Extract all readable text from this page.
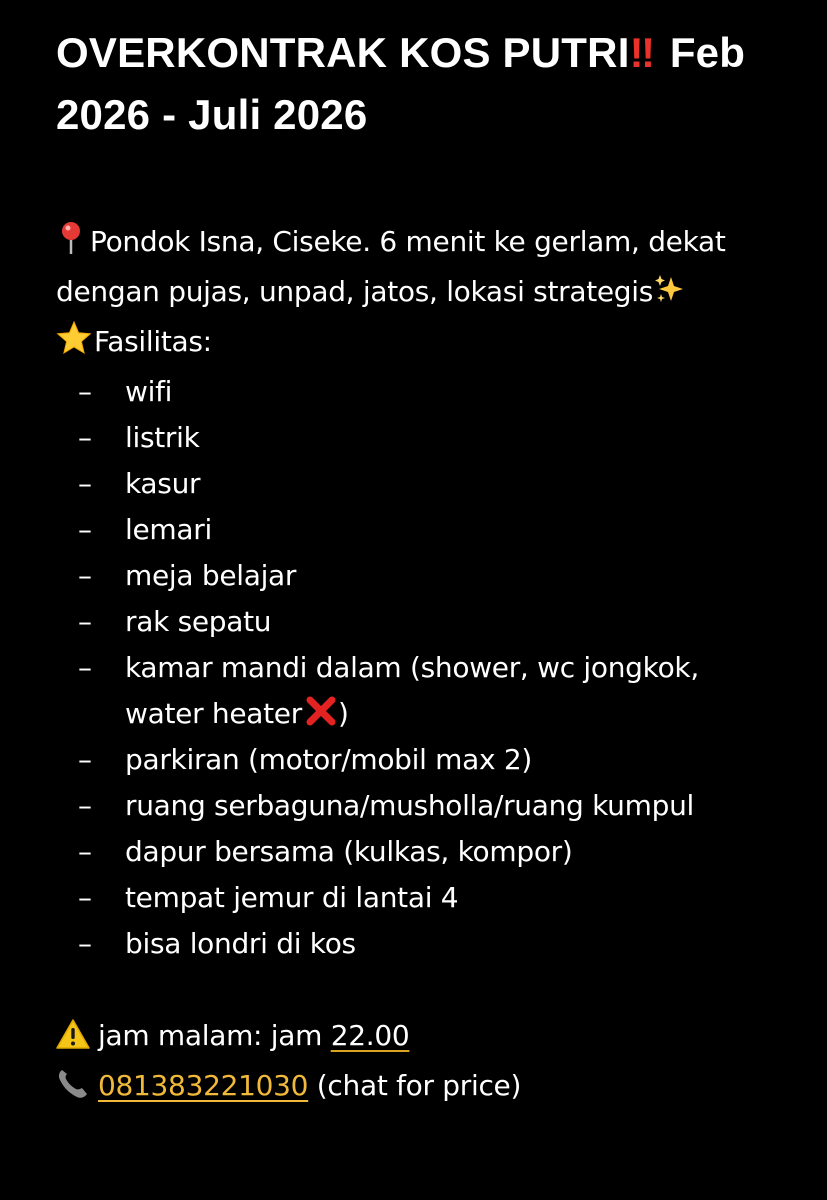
OVERKONTRAK KOS PUTRI‼ Feb 2026 - Juli 2026
Pondok Isna, Ciseke. 6 menit ke gerlam, dekat dengan pujas, unpad, jatos, lokasi strategis
Fasilitas:
– wifi
– listrik
– kasur
– lemari
– meja belajar
– rak sepatu
– kamar mandi dalam (shower, wc jongkok, water heater )
– parkiran (motor/mobil max 2)
– ruang serbaguna/musholla/ruang kumpul
– dapur bersama (kulkas, kompor)
– tempat jemur di lantai 4
– bisa londri di kos
jam malam: jam 22.00
081383221030 (chat for price)
